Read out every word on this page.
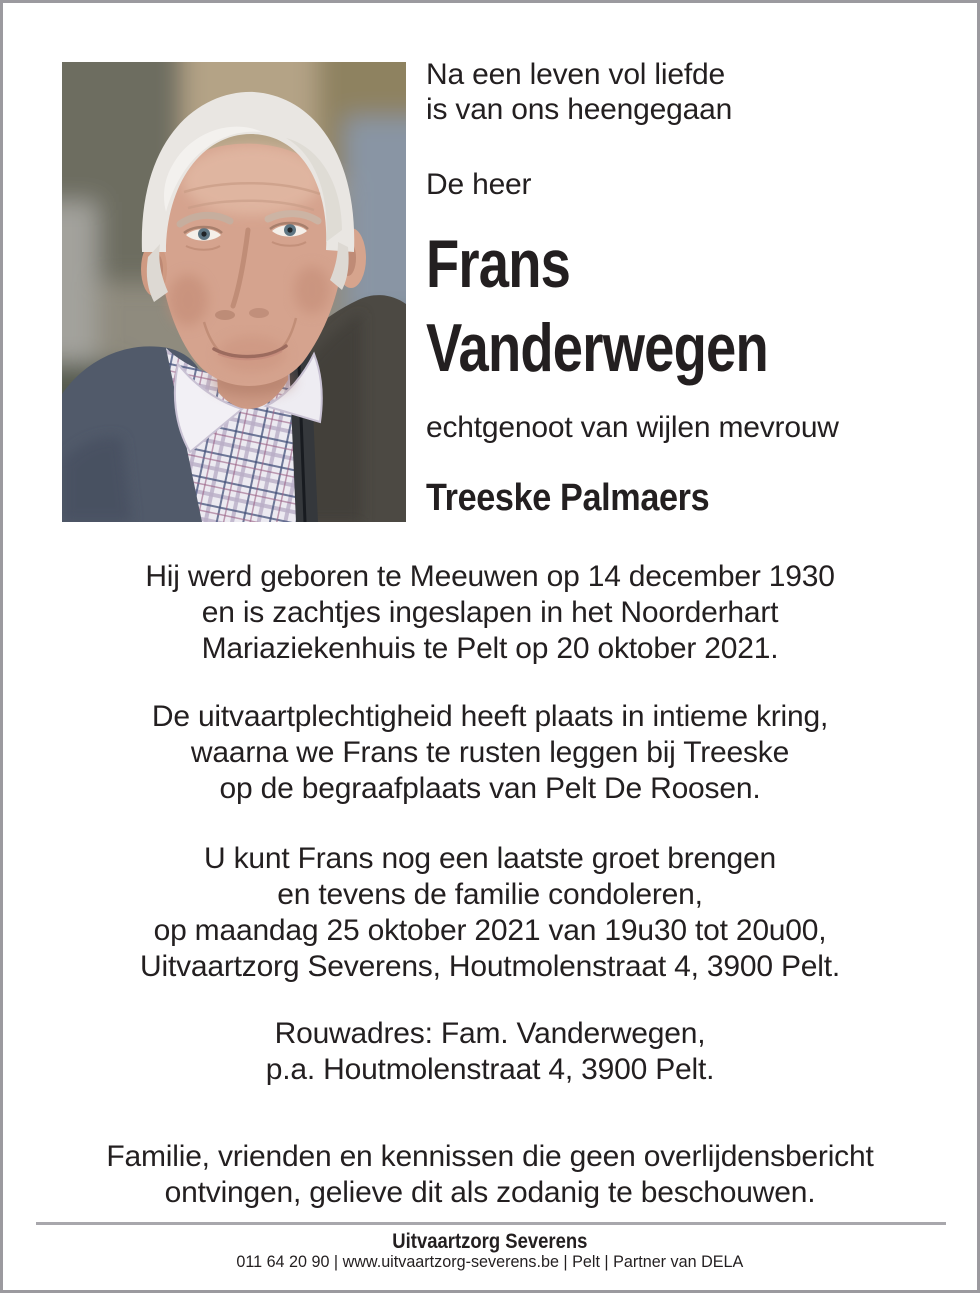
Na een leven vol liefde
is van ons heengegaan
De heer
Frans
Vanderwegen
echtgenoot van wijlen mevrouw
Treeske Palmaers
Hij werd geboren te Meeuwen op 14 december 1930
en is zachtjes ingeslapen in het Noorderhart
Mariaziekenhuis te Pelt op 20 oktober 2021.
De uitvaartplechtigheid heeft plaats in intieme kring,
waarna we Frans te rusten leggen bij Treeske
op de begraafplaats van Pelt De Roosen.
U kunt Frans nog een laatste groet brengen
en tevens de familie condoleren,
op maandag 25 oktober 2021 van 19u30 tot 20u00,
Uitvaartzorg Severens, Houtmolenstraat 4, 3900 Pelt.
Rouwadres: Fam. Vanderwegen,
p.a. Houtmolenstraat 4, 3900 Pelt.
Familie, vrienden en kennissen die geen overlijdensbericht
ontvingen, gelieve dit als zodanig te beschouwen.
Uitvaartzorg Severens
011 64 20 90 | www.uitvaartzorg-severens.be | Pelt | Partner van DELA
